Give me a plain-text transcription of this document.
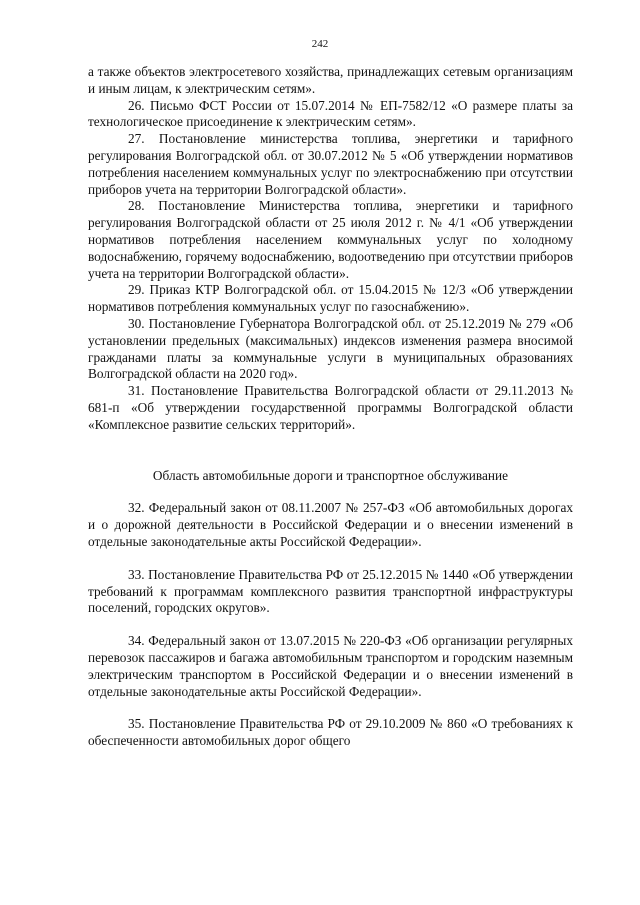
242

а также объектов электросетевого хозяйства, принадлежащих сетевым организациям и иным лицам, к электрическим сетям».

26. Письмо ФСТ России от 15.07.2014 № ЕП-7582/12 «О размере платы за технологическое присоединение к электрическим сетям».

27. Постановление министерства топлива, энергетики и тарифного регулирования Волгоградской обл. от 30.07.2012 № 5 «Об утверждении нормативов потребления населением коммунальных услуг по электроснабжению при отсутствии приборов учета на территории Волгоградской области».

28. Постановление Министерства топлива, энергетики и тарифного регулирования Волгоградской области от 25 июля 2012 г. № 4/1 «Об утверждении нормативов потребления населением коммунальных услуг по холодному водоснабжению, горячему водоснабжению, водоотведению при отсутствии приборов учета на территории Волгоградской области».

29. Приказ КТР Волгоградской обл. от 15.04.2015 № 12/3 «Об утверждении нормативов потребления коммунальных услуг по газоснабжению».

30. Постановление Губернатора Волгоградской обл. от 25.12.2019 № 279 «Об установлении предельных (максимальных) индексов изменения размера вносимой гражданами платы за коммунальные услуги в муниципальных образованиях Волгоградской области на 2020 год».

31. Постановление Правительства Волгоградской области от 29.11.2013 № 681-п «Об утверждении государственной программы Волгоградской области «Комплексное развитие сельских территорий».

Область автомобильные дороги и транспортное обслуживание

32. Федеральный закон от 08.11.2007 № 257-ФЗ «Об автомобильных дорогах и о дорожной деятельности в Российской Федерации и о внесении изменений в отдельные законодательные акты Российской Федерации».

33. Постановление Правительства РФ от 25.12.2015 № 1440 «Об утверждении требований к программам комплексного развития транспортной инфраструктуры поселений, городских округов».

34. Федеральный закон от 13.07.2015 № 220-ФЗ «Об организации регулярных перевозок пассажиров и багажа автомобильным транспортом и городским наземным электрическим транспортом в Российской Федерации и о внесении изменений в отдельные законодательные акты Российской Федерации».

35. Постановление Правительства РФ от 29.10.2009 № 860 «О требованиях к обеспеченности автомобильных дорог общего
